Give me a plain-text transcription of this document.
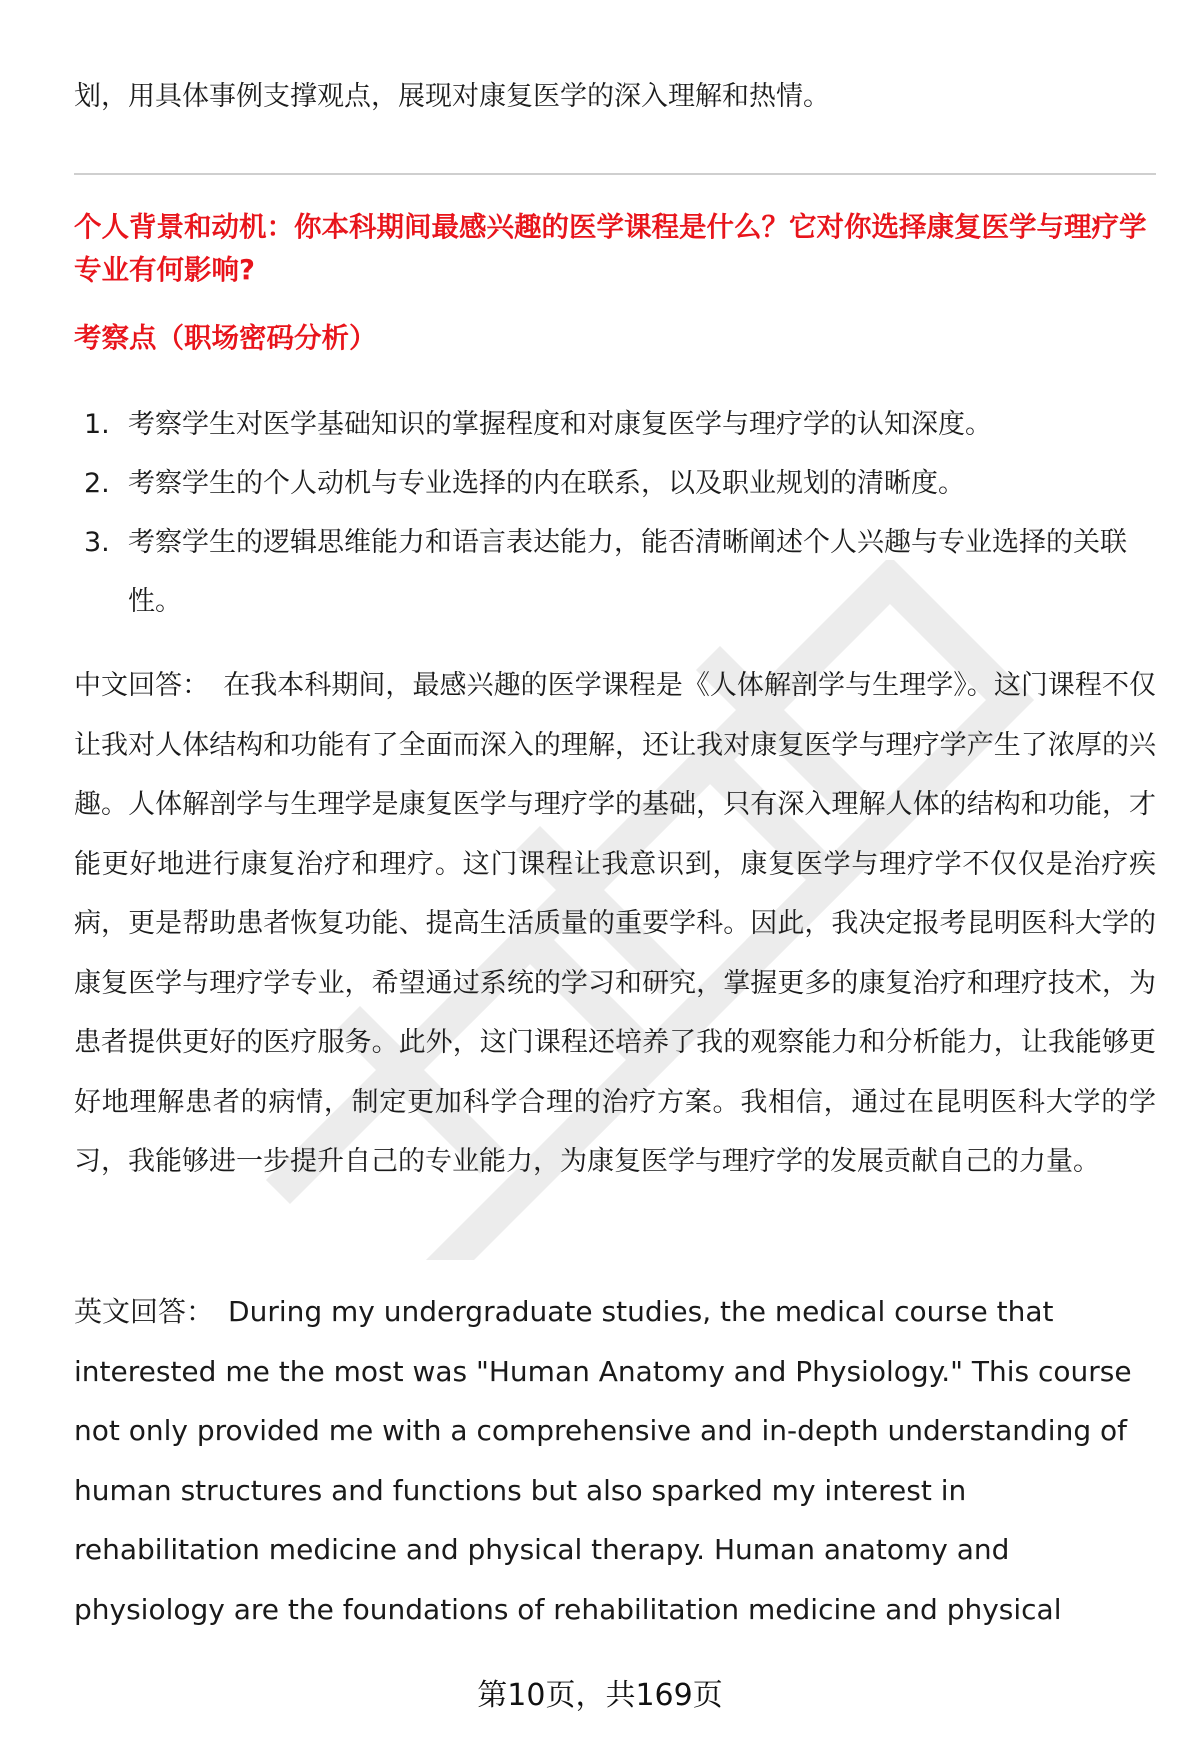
划，用具体事例支撑观点，展现对康复医学的深入理解和热情。
个人背景和动机：你本科期间最感兴趣的医学课程是什么？它对你选择康复医学与理疗学专业有何影响?
考察点（职场密码分析）
1. 考察学生对医学基础知识的掌握程度和对康复医学与理疗学的认知深度。
2. 考察学生的个人动机与专业选择的内在联系，以及职业规划的清晰度。
3. 考察学生的逻辑思维能力和语言表达能力，能否清晰阐述个人兴趣与专业选择的关联性。

中文回答： 在我本科期间，最感兴趣的医学课程是《人体解剖学与生理学》。这门课程不仅让我对人体结构和功能有了全面而深入的理解，还让我对康复医学与理疗学产生了浓厚的兴趣。人体解剖学与生理学是康复医学与理疗学的基础，只有深入理解人体的结构和功能，才能更好地进行康复治疗和理疗。这门课程让我意识到，康复医学与理疗学不仅仅是治疗疾病，更是帮助患者恢复功能、提高生活质量的重要学科。因此，我决定报考昆明医科大学的康复医学与理疗学专业，希望通过系统的学习和研究，掌握更多的康复治疗和理疗技术，为患者提供更好的医疗服务。此外，这门课程还培养了我的观察能力和分析能力，让我能够更好地理解患者的病情，制定更加科学合理的治疗方案。我相信，通过在昆明医科大学的学习，我能够进一步提升自己的专业能力，为康复医学与理疗学的发展贡献自己的力量。

英文回答： During my undergraduate studies, the medical course that interested me the most was "Human Anatomy and Physiology." This course not only provided me with a comprehensive and in-depth understanding of human structures and functions but also sparked my interest in rehabilitation medicine and physical therapy. Human anatomy and physiology are the foundations of rehabilitation medicine and physical

第10页，共169页
